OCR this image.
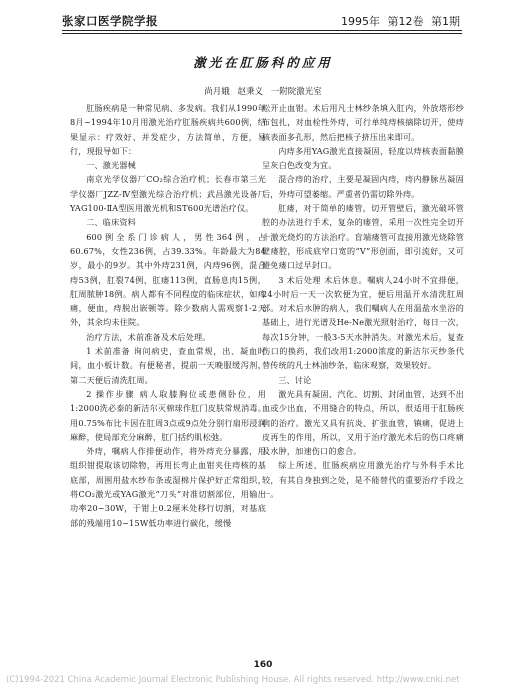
张家口医学院学报	1995年 第12卷 第1期
激光在肛肠科的应用
尚月娥 赵秉义 一附院激光室

肛肠疾病是一种常见病、多发病。我们从1990年8月~1994年10月用激光治疗肛肠疾病共600例，结果显示：疗效好、并发症少，方法简单，方便，易行，现报导如下：

一、激光器械

南京光学仪器厂CO₂综合治疗机；长春市第三光学仪器厂JZZ-Ⅳ型激光综合治疗机；武昌激光设备厂YAG100-ⅡA型医用激光机和ST600光谱治疗仪。

二、临床资料

600例全系门诊病人，男性364例，占60.67%，女性236例，占39.33%。年龄最大为84岁，最小的9岁。其中外痔231例，内痔96例，混合痔53例，肛裂74例，肛瘘113例，直肠息肉15例，肛周脓肿18例。病人都有不同程度的临床症状，如疼痛，便血，痔脱出嵌顿等。除少数病人需观察1-2天外，其余均未住院。

治疗方法，术前准备及术后处理。

1 术前准备 询问病史，查血常规，出、凝血时间，血小板计数。有便秘者，提前一天晚服缓泻剂，第二天便后清洗肛周。

2 操作步骤 病人取膝胸位或患侧卧位，用1:2000洗必泰的新洁尔灭棉球作肛门皮肤常规消毒。用0.75%布比卡因在肛周3点或9点处分别行扇形浸润麻醉，使局部充分麻醉，肛门括约肌松弛。

外痔，嘱病人作排便动作，将外痔充分暴露，用组织钳提取该切除物，再用长弯止血钳夹住痔核的基底部，周围用盐水纱布条或湿棉片保护好正常组织，将CO₂激光或YAG激光“刀头”对准切割部位，用输出功率20~30W，于钳上0.2厘米处移行切割，对基底部的残端用10~15W低功率进行碳化，缓慢

松开止血钳。术后用凡士林纱条填入肛内，外放塔形纱布包扎，对血栓性外痔，可行单纯痔核摘除切开，使痔核表面多孔形，然后把核子挤压出来即可。

内痔多用YAG激光直接凝固，轻度以痔核表面黏膜呈灰白色改变为宜。

混合痔的治疗，主要是凝固内痔，痔内静脉丛凝固后，外痔可望萎缩。严重者仍需切除外痔。

肛瘘，对于简单的瘘管，切开管壁后，激光破坏管腔的办法进行手术，复杂的瘘管，采用一次性完全切开十激光烧灼的方法治疗。盲端瘘管可直接用激光烧除管壁瘘腔，形成底窄口宽的“V”形创面，即引流好，又可避免瘘口过早封口。

3 术后处理 术后休息。嘱病人24小时不宜排便，24小时后一天一次软便为宜，便后用温开水清洗肛周部。对术后水肿的病人，我们嘱病人在用温盐水坐浴的基础上，进行光谱及He-Ne激光照射治疗，每日一次，每次15分钟，一般3-5天水肿消失。对激光术后，复查伤口的换药，我们改用1:2000浓度的新洁尔灭纱条代替传统的凡士林油纱条，临床观察，效果较好。

三、讨论

激光具有凝固、汽化、切割、封闭血管，达到不出血或少出血，不用缝合的特点，所以，很适用于肛肠疾病的治疗。激光又具有抗炎、扩张血管，镇痛，促进上皮再生的作用，所以，又用于治疗激光术后的伤口疼痛及水肿，加速伤口的愈合。

综上所述，肛肠疾病应用激光治疗与外科手术比较，有其自身独到之处，是不能替代的重要治疗手段之一。

160
(C)1994-2021 China Academic Journal Electronic Publishing House. All rights reserved. http://www.cnki.net
